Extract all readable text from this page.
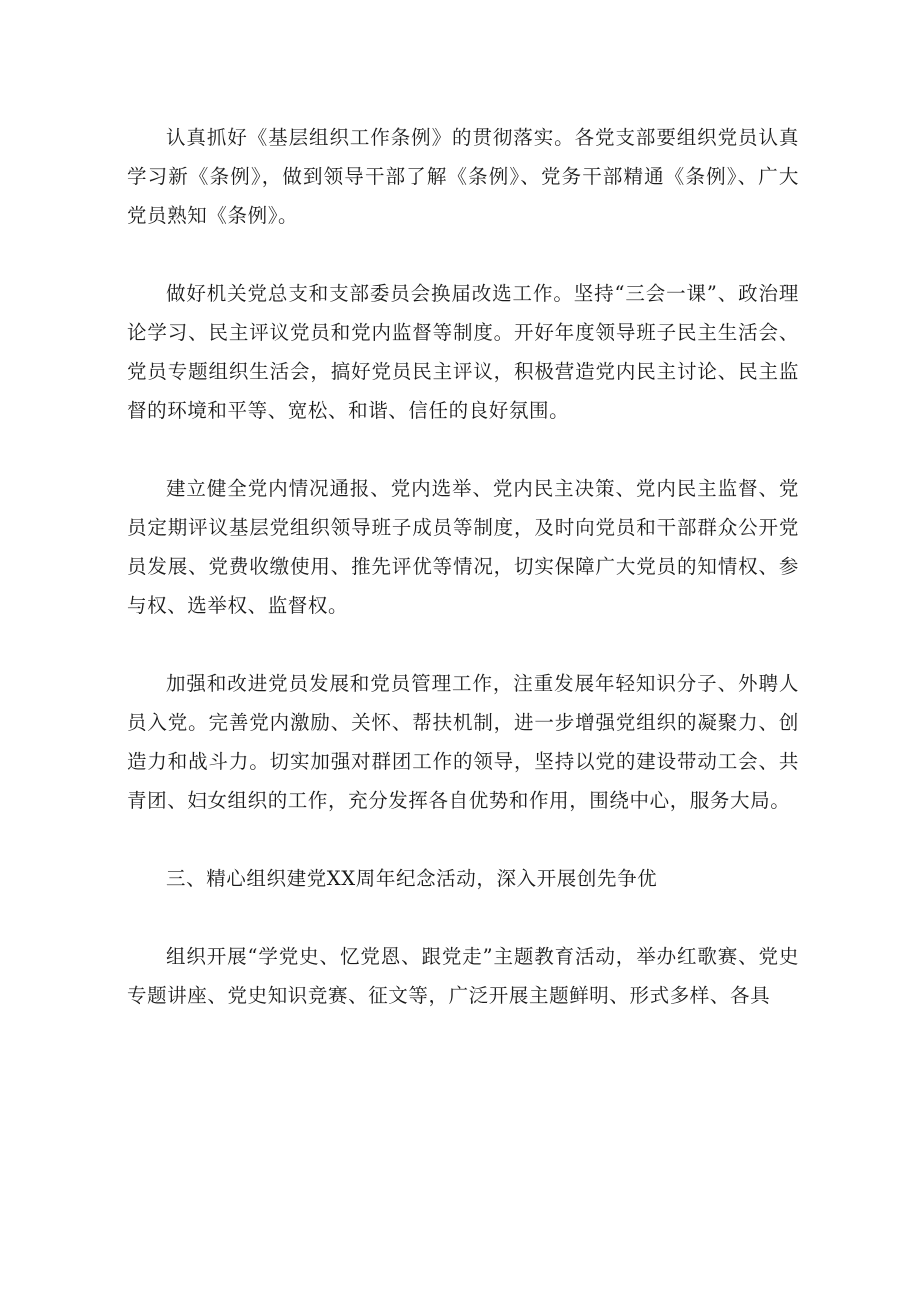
认真抓好《基层组织工作条例》的贯彻落实。各党支部要组织党员认真学习新《条例》，做到领导干部了解《条例》、党务干部精通《条例》、广大党员熟知《条例》。

做好机关党总支和支部委员会换届改选工作。坚持“三会一课”、政治理论学习、民主评议党员和党内监督等制度。开好年度领导班子民主生活会、党员专题组织生活会，搞好党员民主评议，积极营造党内民主讨论、民主监督的环境和平等、宽松、和谐、信任的良好氛围。

建立健全党内情况通报、党内选举、党内民主决策、党内民主监督、党员定期评议基层党组织领导班子成员等制度，及时向党员和干部群众公开党员发展、党费收缴使用、推先评优等情况，切实保障广大党员的知情权、参与权、选举权、监督权。

加强和改进党员发展和党员管理工作，注重发展年轻知识分子、外聘人员入党。完善党内激励、关怀、帮扶机制，进一步增强党组织的凝聚力、创造力和战斗力。切实加强对群团工作的领导，坚持以党的建设带动工会、共青团、妇女组织的工作，充分发挥各自优势和作用，围绕中心，服务大局。

三、精心组织建党XX周年纪念活动，深入开展创先争优

组织开展“学党史、忆党恩、跟党走”主题教育活动，举办红歌赛、党史专题讲座、党史知识竞赛、征文等，广泛开展主题鲜明、形式多样、各具
